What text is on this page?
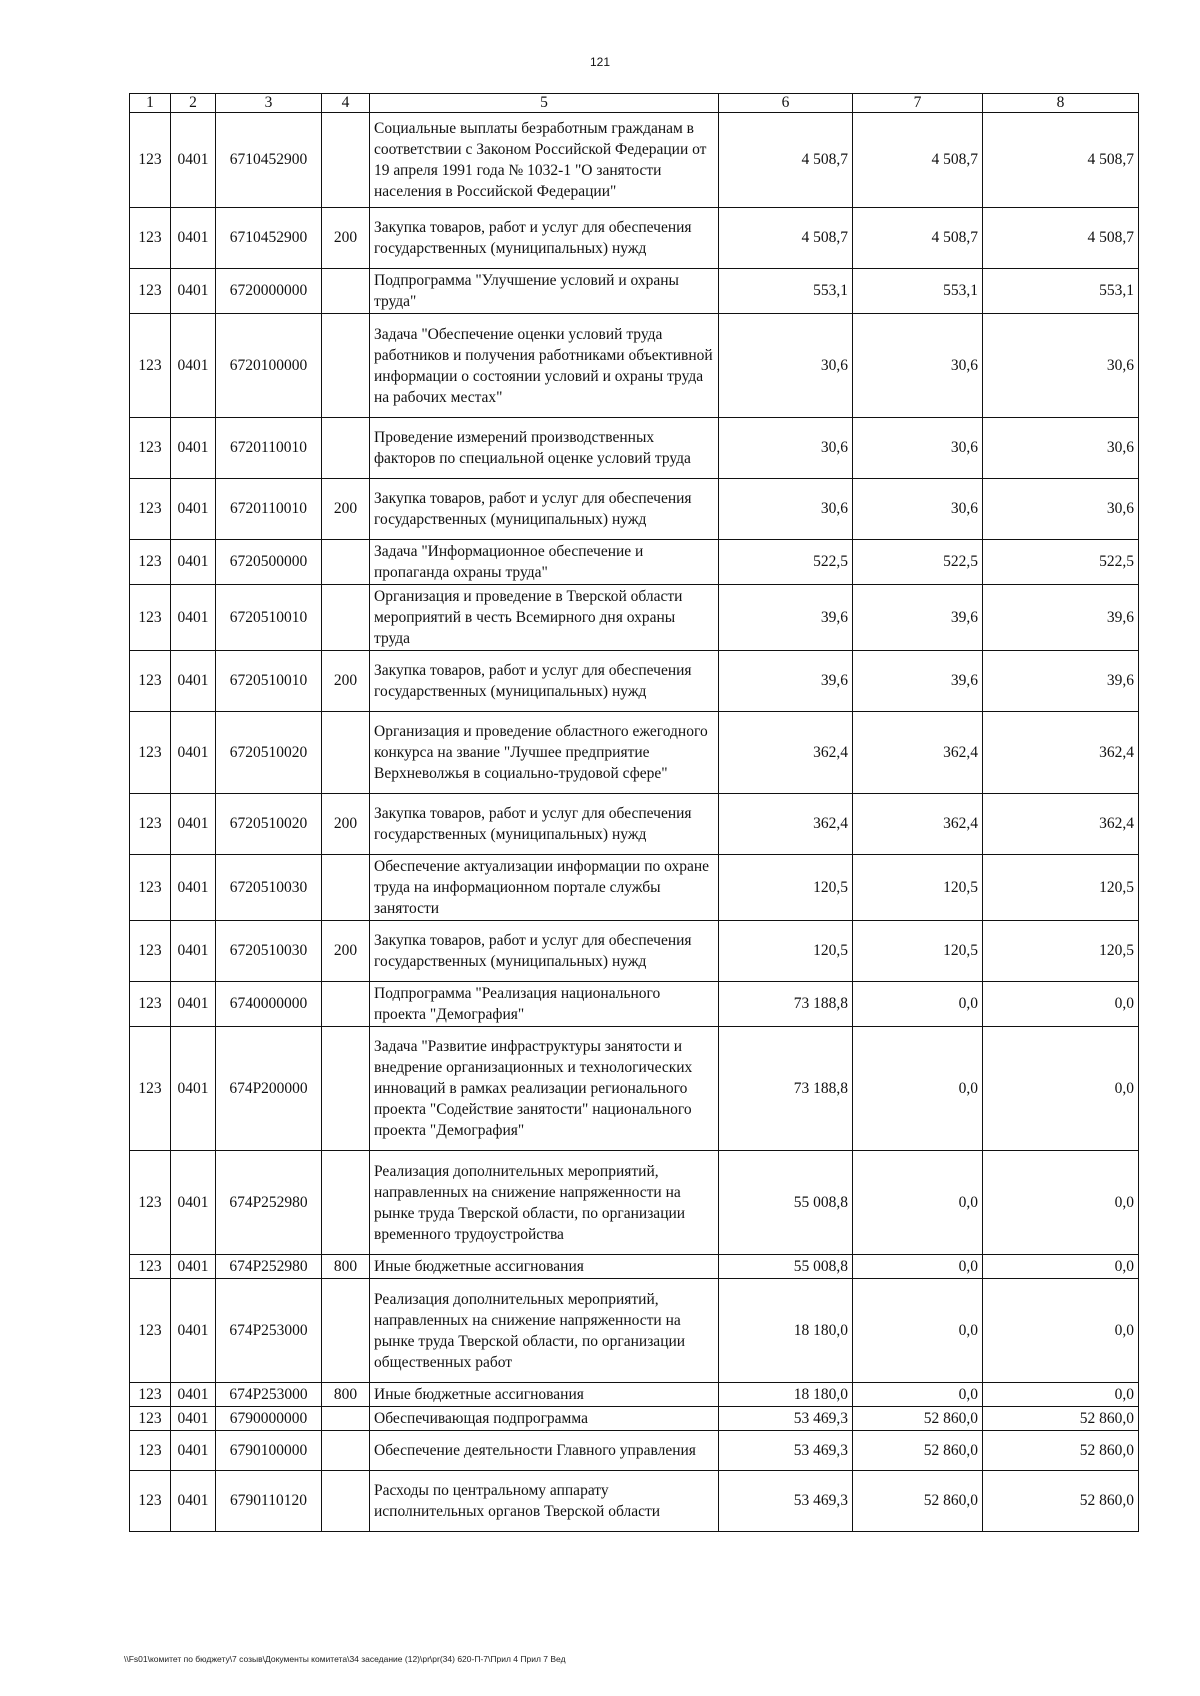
121
1	2	3	4	5	6	7	8
123	0401	6710452900		Социальные выплаты безработным гражданам в соответствии с Законом Российской Федерации от 19 апреля 1991 года № 1032-1 "О занятости населения в Российской Федерации"	4 508,7	4 508,7	4 508,7
123	0401	6710452900	200	Закупка товаров, работ и услуг для обеспечения государственных (муниципальных) нужд	4 508,7	4 508,7	4 508,7
123	0401	6720000000		Подпрограмма "Улучшение условий и охраны труда"	553,1	553,1	553,1
123	0401	6720100000		Задача "Обеспечение оценки условий труда работников и получения работниками объективной информации о состоянии условий и охраны труда на рабочих местах"	30,6	30,6	30,6
123	0401	6720110010		Проведение измерений производственных факторов по специальной оценке условий труда	30,6	30,6	30,6
123	0401	6720110010	200	Закупка товаров, работ и услуг для обеспечения государственных (муниципальных) нужд	30,6	30,6	30,6
123	0401	6720500000		Задача "Информационное обеспечение и пропаганда охраны труда"	522,5	522,5	522,5
123	0401	6720510010		Организация и проведение в Тверской области мероприятий в честь Всемирного дня охраны труда	39,6	39,6	39,6
123	0401	6720510010	200	Закупка товаров, работ и услуг для обеспечения государственных (муниципальных) нужд	39,6	39,6	39,6
123	0401	6720510020		Организация и проведение областного ежегодного конкурса на звание "Лучшее предприятие Верхневолжья в социально-трудовой сфере"	362,4	362,4	362,4
123	0401	6720510020	200	Закупка товаров, работ и услуг для обеспечения государственных (муниципальных) нужд	362,4	362,4	362,4
123	0401	6720510030		Обеспечение актуализации информации по охране труда на информационном портале службы занятости	120,5	120,5	120,5
123	0401	6720510030	200	Закупка товаров, работ и услуг для обеспечения государственных (муниципальных) нужд	120,5	120,5	120,5
123	0401	6740000000		Подпрограмма "Реализация национального проекта "Демография"	73 188,8	0,0	0,0
123	0401	674P200000		Задача "Развитие инфраструктуры занятости и внедрение организационных и технологических инноваций в рамках реализации регионального проекта "Содействие занятости" национального проекта "Демография"	73 188,8	0,0	0,0
123	0401	674P252980		Реализация дополнительных мероприятий, направленных на снижение напряженности на рынке труда Тверской области, по организации временного трудоустройства	55 008,8	0,0	0,0
123	0401	674P252980	800	Иные бюджетные ассигнования	55 008,8	0,0	0,0
123	0401	674P253000		Реализация дополнительных мероприятий, направленных на снижение напряженности на рынке труда Тверской области, по организации общественных работ	18 180,0	0,0	0,0
123	0401	674P253000	800	Иные бюджетные ассигнования	18 180,0	0,0	0,0
123	0401	6790000000		Обеспечивающая подпрограмма	53 469,3	52 860,0	52 860,0
123	0401	6790100000		Обеспечение деятельности Главного управления	53 469,3	52 860,0	52 860,0
123	0401	6790110120		Расходы по центральному аппарату исполнительных органов Тверской области	53 469,3	52 860,0	52 860,0
\\Fs01\комитет по бюджету\7 созыв\Документы комитета\34 заседание (12)\pr\pr(34) 620-П-7\Прил 4 Прил 7 Вед
